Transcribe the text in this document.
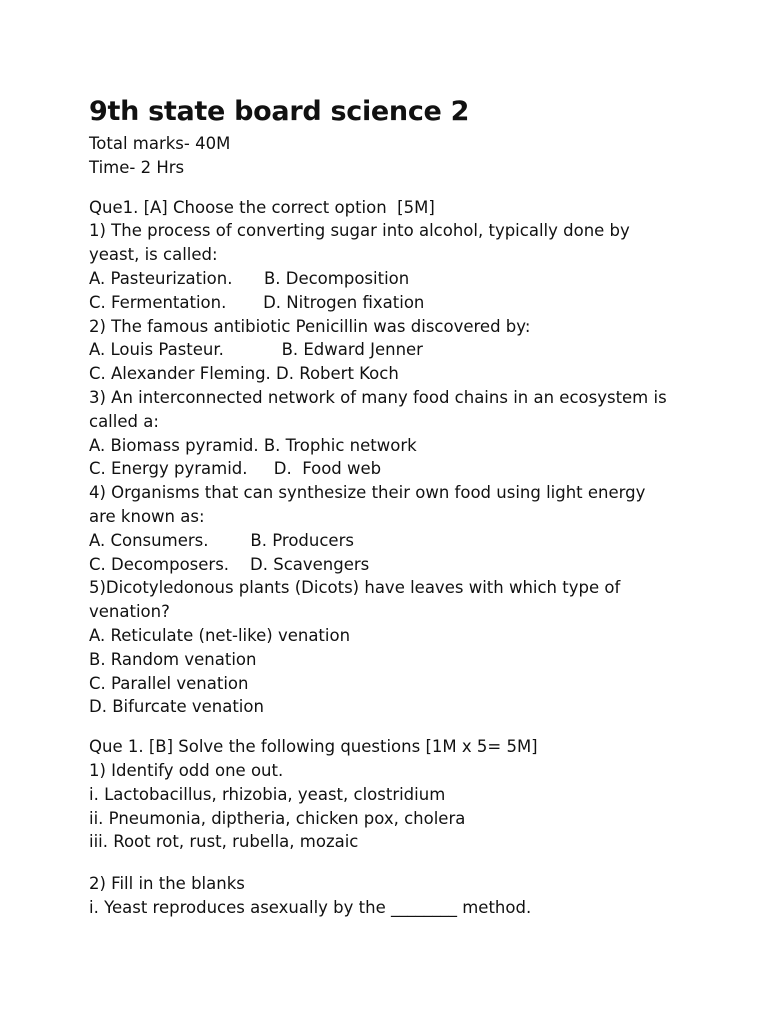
9th state board science 2

Total marks- 40M

Time- 2 Hrs

Que1. [A] Choose the correct option  [5M]

1) The process of converting sugar into alcohol, typically done by

yeast, is called:

A. Pasteurization.      B. Decomposition

C. Fermentation.       D. Nitrogen fixation

2) The famous antibiotic Penicillin was discovered by:

A. Louis Pasteur.           B. Edward Jenner

C. Alexander Fleming. D. Robert Koch

3) An interconnected network of many food chains in an ecosystem is

called a:

A. Biomass pyramid. B. Trophic network

C. Energy pyramid.     D.  Food web

4) Organisms that can synthesize their own food using light energy

are known as:

A. Consumers.        B. Producers

C. Decomposers.    D. Scavengers

5)Dicotyledonous plants (Dicots) have leaves with which type of

venation?

A. Reticulate (net-like) venation

B. Random venation

C. Parallel venation

D. Bifurcate venation

Que 1. [B] Solve the following questions [1M x 5= 5M]

1) Identify odd one out.

i. Lactobacillus, rhizobia, yeast, clostridium

ii. Pneumonia, diptheria, chicken pox, cholera

iii. Root rot, rust, rubella, mozaic

2) Fill in the blanks

i. Yeast reproduces asexually by the ________ method.
